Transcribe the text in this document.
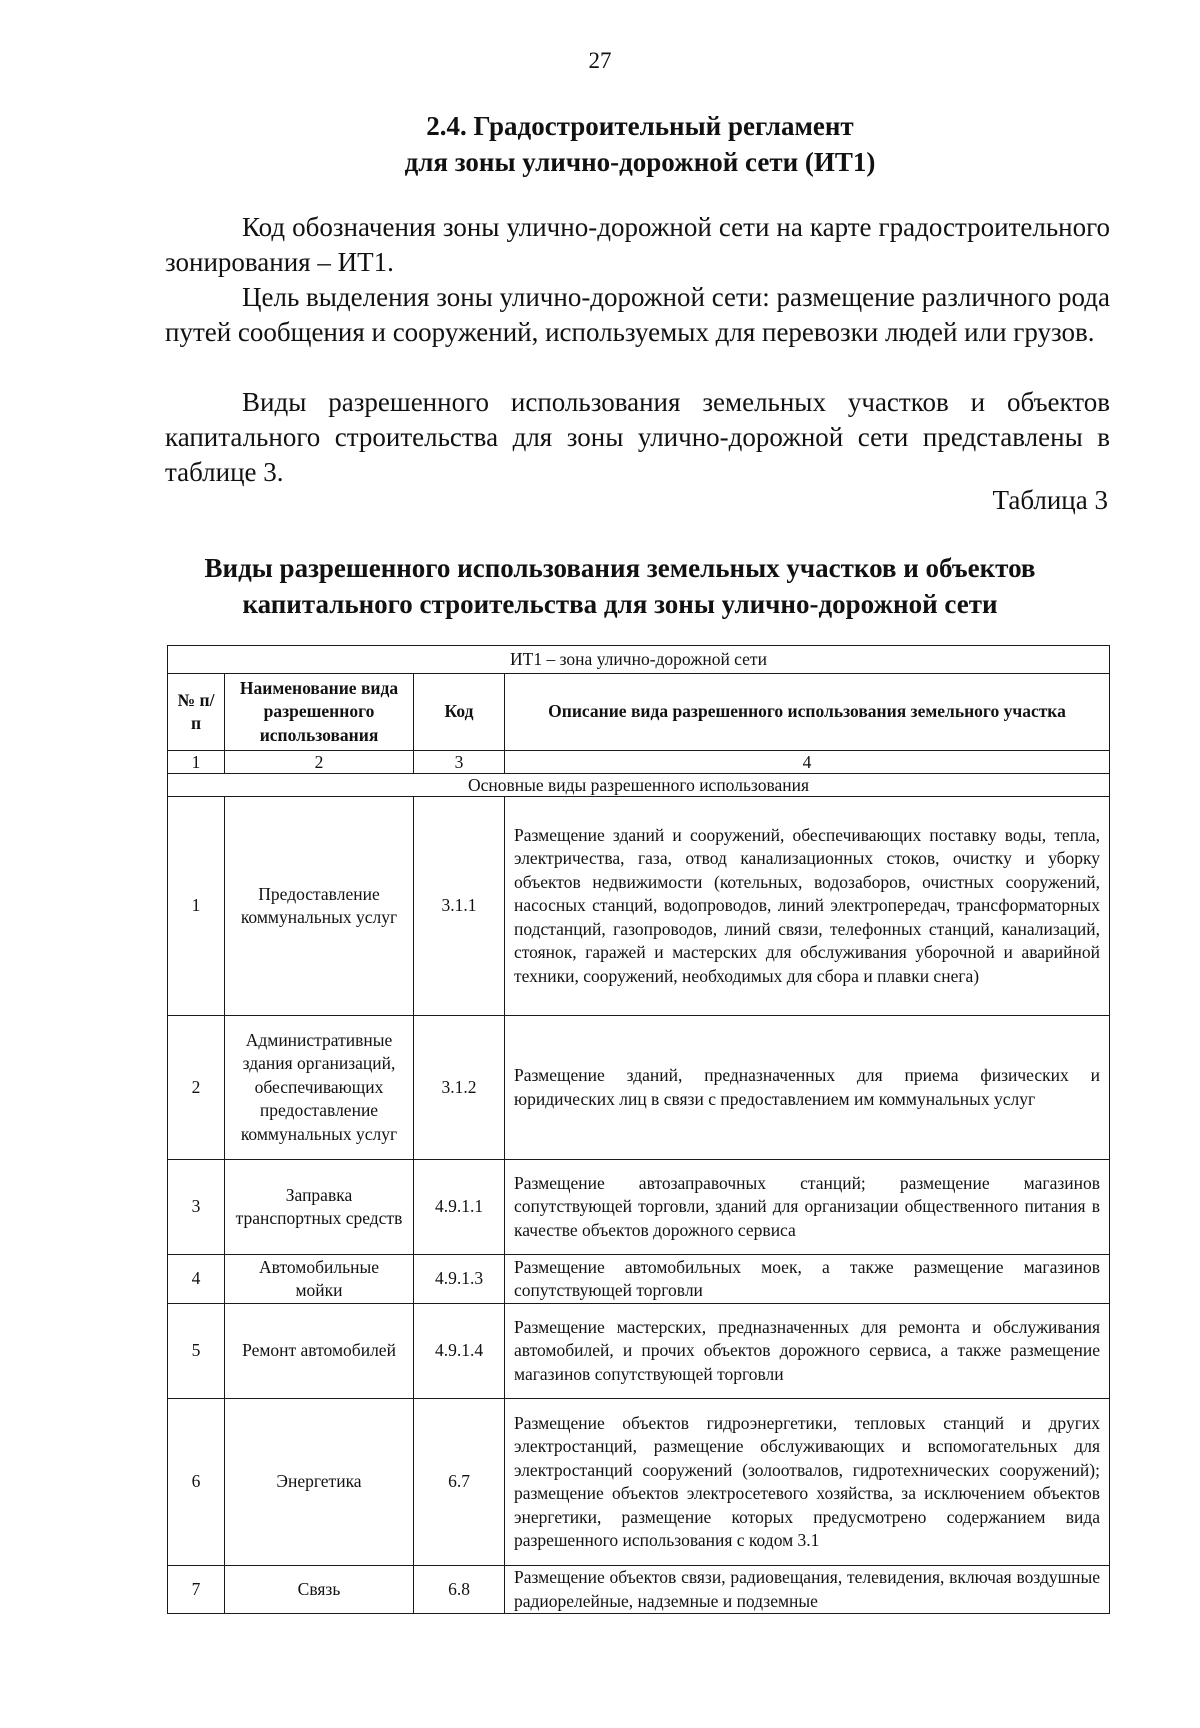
27
2.4. Градостроительный регламент
для зоны улично-дорожной сети (ИТ1)
Код обозначения зоны улично-дорожной сети на карте градостроительного зонирования – ИТ1.
Цель выделения зоны улично-дорожной сети: размещение различного рода путей сообщения и сооружений, используемых для перевозки людей или грузов.
Виды разрешенного использования земельных участков и объектов капитального строительства для зоны улично-дорожной сети представлены в таблице 3.
Таблица 3
Виды разрешенного использования земельных участков и объектов
капитального строительства для зоны улично-дорожной сети
ИТ1 – зона улично-дорожной сети			
№ п/п	Наименование вида разрешенного использования	Код	Описание вида разрешенного использования земельного участка
1	2	3	4
Основные виды разрешенного использования			
1	Предоставление коммунальных услуг	3.1.1	Размещение зданий и сооружений, обеспечивающих поставку воды, тепла, электричества, газа, отвод канализационных стоков, очистку и уборку объектов недвижимости (котельных, водозаборов, очистных сооружений, насосных станций, водопроводов, линий электропередач, трансформаторных подстанций, газопроводов, линий связи, телефонных станций, канализаций, стоянок, гаражей и мастерских для обслуживания уборочной и аварийной техники, сооружений, необходимых для сбора и плавки снега)
2	Административные здания организаций, обеспечивающих предоставление коммунальных услуг	3.1.2	Размещение зданий, предназначенных для приема физических и юридических лиц в связи с предоставлением им коммунальных услуг
3	Заправка транспортных средств	4.9.1.1	Размещение автозаправочных станций; размещение магазинов сопутствующей торговли, зданий для организации общественного питания в качестве объектов дорожного сервиса
4	Автомобильные мойки	4.9.1.3	Размещение автомобильных моек, а также размещение магазинов сопутствующей торговли
5	Ремонт автомобилей	4.9.1.4	Размещение мастерских, предназначенных для ремонта и обслуживания автомобилей, и прочих объектов дорожного сервиса, а также размещение магазинов сопутствующей торговли
6	Энергетика	6.7	Размещение объектов гидроэнергетики, тепловых станций и других электростанций, размещение обслуживающих и вспомогательных для электростанций сооружений (золоотвалов, гидротехнических сооружений); размещение объектов электросетевого хозяйства, за исключением объектов энергетики, размещение которых предусмотрено содержанием вида разрешенного использования с кодом 3.1
7	Связь	6.8	Размещение объектов связи, радиовещания, телевидения, включая воздушные радиорелейные, надземные и подземные
